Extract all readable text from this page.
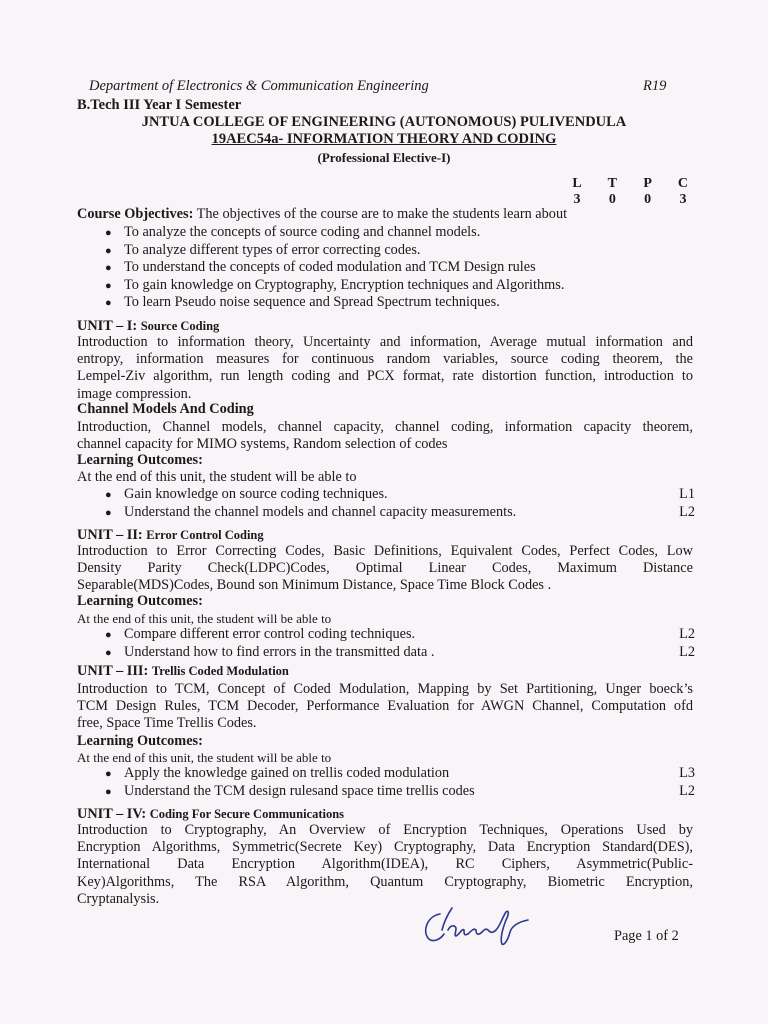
Department of Electronics & Communication Engineering	R19
B.Tech III Year I Semester
JNTUA COLLEGE OF ENGINEERING (AUTONOMOUS) PULIVENDULA
19AEC54a- INFORMATION THEORY AND CODING
(Professional Elective-I)
L T P C
3 0 0 3
Course Objectives: The objectives of the course are to make the students learn about
● To analyze the concepts of source coding and channel models.
● To analyze different types of error correcting codes.
● To understand the concepts of coded modulation and TCM Design rules
● To gain knowledge on Cryptography, Encryption techniques and Algorithms.
● To learn Pseudo noise sequence and Spread Spectrum techniques.
UNIT – I: Source Coding
Introduction to information theory, Uncertainty and information, Average mutual information and
entropy, information measures for continuous random variables, source coding theorem, the
Lempel-Ziv algorithm, run length coding and PCX format, rate distortion function, introduction to
image compression.
Channel Models And Coding
Introduction, Channel models, channel capacity, channel coding, information capacity theorem,
channel capacity for MIMO systems, Random selection of codes
Learning Outcomes:
At the end of this unit, the student will be able to
● Gain knowledge on source coding techniques.	L1
● Understand the channel models and channel capacity measurements.	L2
UNIT – II: Error Control Coding
Introduction to Error Correcting Codes, Basic Definitions, Equivalent Codes, Perfect Codes, Low
Density Parity Check(LDPC)Codes, Optimal Linear Codes, Maximum Distance
Separable(MDS)Codes, Bound son Minimum Distance, Space Time Block Codes .
Learning Outcomes:
At the end of this unit, the student will be able to
● Compare different error control coding techniques.	L2
● Understand how to find errors in the transmitted data .	L2
UNIT – III: Trellis Coded Modulation
Introduction to TCM, Concept of Coded Modulation, Mapping by Set Partitioning, Unger boeck’s
TCM Design Rules, TCM Decoder, Performance Evaluation for AWGN Channel, Computation ofd
free, Space Time Trellis Codes.
Learning Outcomes:
At the end of this unit, the student will be able to
● Apply the knowledge gained on trellis coded modulation	L3
● Understand the TCM design rulesand space time trellis codes	L2
UNIT – IV: Coding For Secure Communications
Introduction to Cryptography, An Overview of Encryption Techniques, Operations Used by
Encryption Algorithms, Symmetric(Secrete Key) Cryptography, Data Encryption Standard(DES),
International Data Encryption Algorithm(IDEA), RC Ciphers, Asymmetric(Public-
Key)Algorithms, The RSA Algorithm, Quantum Cryptography, Biometric Encryption,
Cryptanalysis.
Page 1 of 2
